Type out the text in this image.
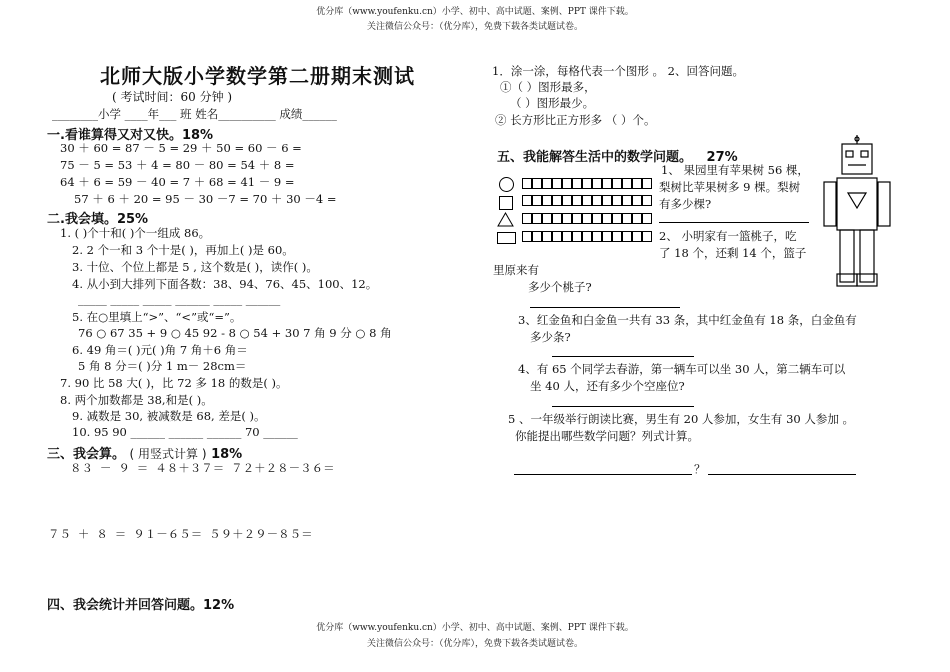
优分库（www.youfenku.cn）小学、初中、高中试题、案例、PPT 课件下载。
关注微信公众号：（优分库），免费下载各类试题试卷。
北师大版小学数学第二册期末测试
( 考试时间：60 分钟 )
________小学 ____年___ 班 姓名__________ 成绩______
一.看谁算得又对又快。18%
30 ＋ 60 = 87 － 5 = 29 ＋ 50 = 60 － 6 =
75 － 5 = 53 ＋ 4 = 80 － 80 = 54 ＋ 8 =
64 ＋ 6 = 59 － 40 = 7 ＋ 68 = 41 － 9 =
57 ＋ 6 ＋ 20 = 95 － 30 －7 = 70 ＋ 30 －4 =
二.我会填。25%
1. ( )个十和( )个一组成 86。
2. 2 个一和 3 个十是( )，再加上( )是 60。
3. 十位、个位上都是 5 , 这个数是( )，读作( )。
4. 从小到大排列下面各数：38、94、76、45、100、12。
_____ _____ _____ ______ _____ ______
5. 在○里填上“>”、“<”或“=”。
76 ○ 67 35 + 9 ○ 45 92 - 8 ○ 54 + 30 7 角 9 分 ○ 8 角
6. 49 角＝( )元( )角 7 角＋6 角＝
5 角 8 分＝( )分 1 m－ 28cm＝
7. 90 比 58 大( )，比 72 多 18 的数是( )。
8. 两个加数都是 38,和是( )。
9. 减数是 30, 被减数是 68, 差是( )。
10. 95 90 ______ ______ ______ 70 ______
三、我会算。 ( 用竖式计算 ) 18%
８３ － ９ ＝ ４８＋３７＝ ７２＋２８－３６＝
７５ ＋ ８ ＝ ９１－６５＝ ５９＋２９－８５＝
四、我会统计并回答问题。12%
1．涂一涂，每格代表一个图形 。 2、回答问题。
①（ ）图形最多，
（ ）图形最少。
② 长方形比正方形多 （ ）个。
五、我能解答生活中的数学问题。 27%
1、 果园里有苹果树 56 棵，
梨树比苹果树多 9 棵。梨树
有多少棵?
2、 小明家有一篮桃子，吃
了 18 个，还剩 14 个，篮子
里原来有
多少个桃子?
3、红金鱼和白金鱼一共有 33 条，其中红金鱼有 18 条，白金鱼有
多少条?
4、有 65 个同学去春游，第一辆车可以坐 30 人，第二辆车可以
坐 40 人，还有多少个空座位?
5 、一年级举行朗读比赛，男生有 20 人参加，女生有 30 人参加 。
你能提出哪些数学问题？列式计算。
？
优分库（www.youfenku.cn）小学、初中、高中试题、案例、PPT 课件下载。
关注微信公众号：（优分库），免费下载各类试题试卷。
